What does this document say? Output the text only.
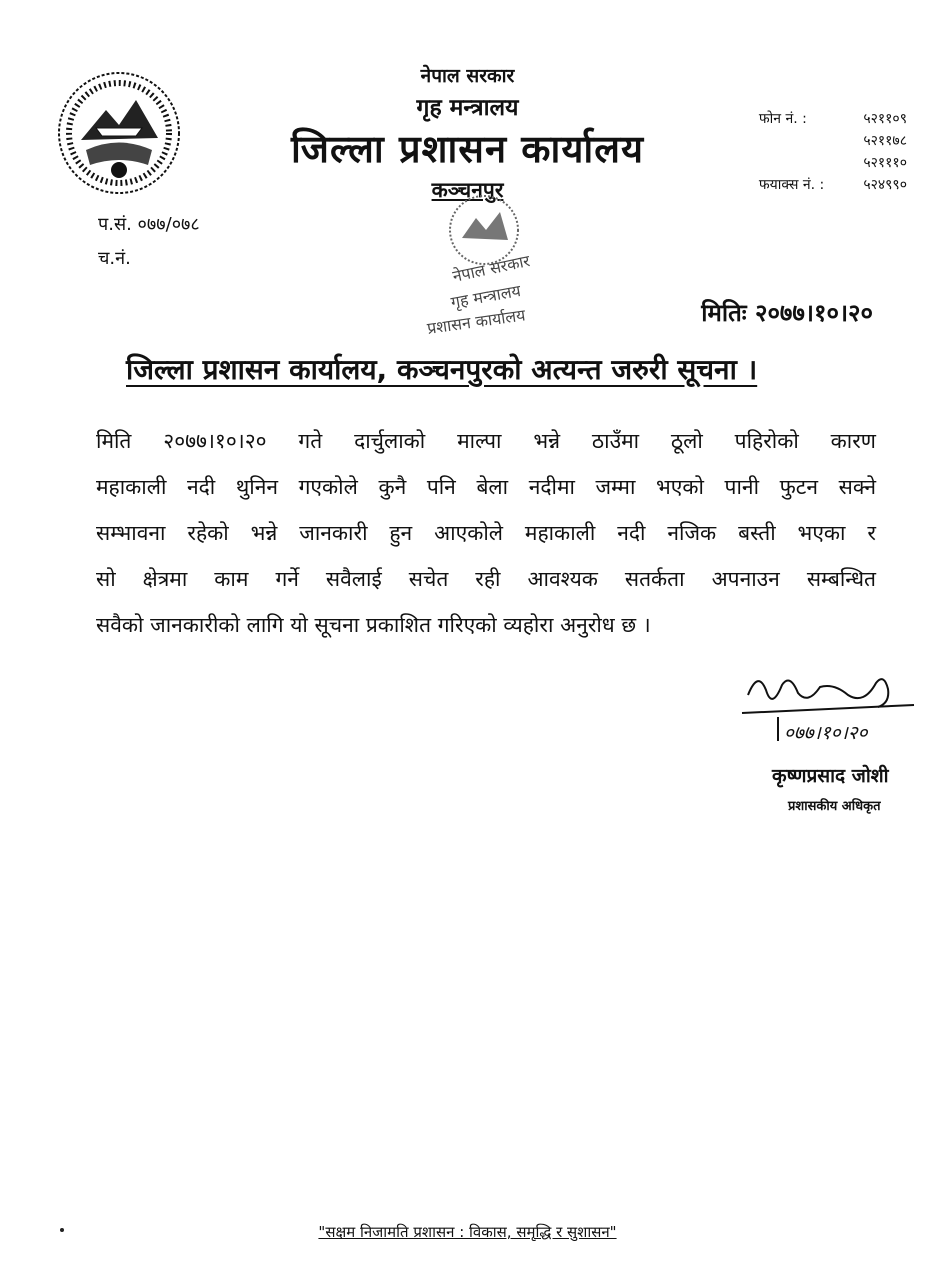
नेपाल सरकार
गृह मन्त्रालय
जिल्ला प्रशासन कार्यालय
कञ्चनपुर
फोन नं. :	५२११०९
५२११७८
५२१११०
फयाक्स नं. :	५२४९९०
प.सं. ०७७/०७८
च.नं.	नेपाल सरकार
गृह मन्त्रालय
प्रशासन कार्यालय	मितिः २०७७।१०।२०
जिल्ला प्रशासन कार्यालय, कञ्चनपुरको अत्यन्त जरुरी सूचना ।
मिति २०७७।१०।२० गते दार्चुलाको माल्पा भन्ने ठाउँमा ठूलो पहिरोको कारण
महाकाली नदी थुनिन गएकोले कुनै पनि बेला नदीमा जम्मा भएको पानी फुटन सक्ने
सम्भावना रहेको भन्ने जानकारी हुन आएकोले महाकाली नदी नजिक बस्ती भएका र
सो क्षेत्रमा काम गर्ने सवैलाई सचेत रही आवश्यक सतर्कता अपनाउन सम्बन्धित
सवैको जानकारीको लागि यो सूचना प्रकाशित गरिएको व्यहोरा अनुरोध छ ।
०७७।१०।२०
कृष्णप्रसाद जोशी
प्रशासकीय अधिकृत
"सक्षम निजामति प्रशासन : विकास, समृद्धि र सुशासन"
